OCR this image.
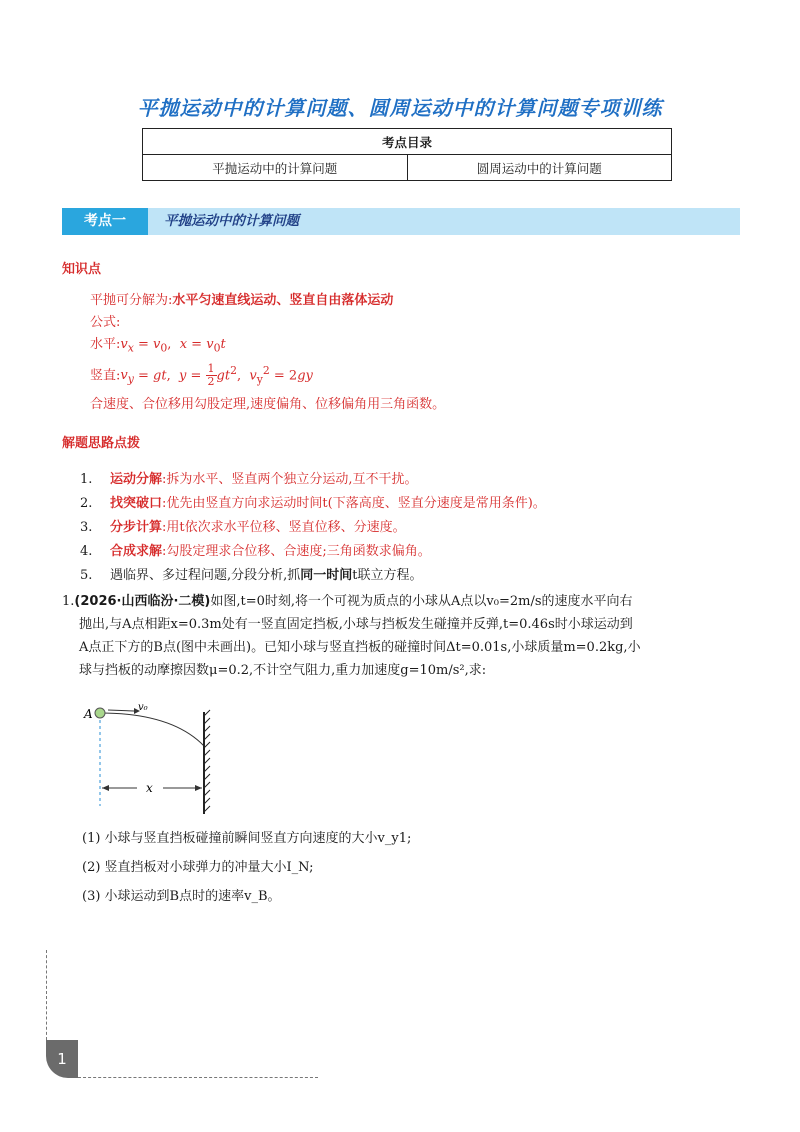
平抛运动中的计算问题、圆周运动中的计算问题专项训练
考点目录
平抛运动中的计算问题	圆周运动中的计算问题
考点一	平抛运动中的计算问题
知识点
平抛可分解为:水平匀速直线运动、竖直自由落体运动
公式:
水平$:v_x = v_0$,  $x = v_0t$
竖直$:v_y$ = gt,  $y = \frac{1}{2} gt^2$,  $v_y^2 = 2gy$
合速度、合位移用勾股定理,速度偏角、位移偏角用三角函数。
解题思路点拨
1. 运动分解:拆为水平、竖直两个独立分运动,互不干扰。
2. 找突破口:优先由竖直方向求运动时间t(下落高度、竖直分速度是常用条件)。
3. 分步计算:用t依次求水平位移、竖直位移、分速度。
4. 合成求解:勾股定理求合位移、合速度;三角函数求偏角。
5. 遇临界、多过程问题,分段分析,抓同一时间t联立方程。

1.(2026·山西临汾·二模)如图,t=0时刻,将一个可视为质点的小球从A点以v₀=2m/s的速度水平向右

抛出,与A点相距x=0.3m处有一竖直固定挡板,小球与挡板发生碰撞并反弹,t=0.46s时小球运动到

A点正下方的B点(图中未画出)。已知小球与竖直挡板的碰撞时间Δt=0.01s,小球质量m=0.2kg,小

球与挡板的动摩擦因数μ=0.2,不计空气阻力,重力加速度g=10m/s²,求:

A	v₀
x

(1) 小球与竖直挡板碰撞前瞬间竖直方向速度的大小v_y1;

(2) 竖直挡板对小球弹力的冲量大小I_N;

(3) 小球运动到B点时的速率v_B。

1
